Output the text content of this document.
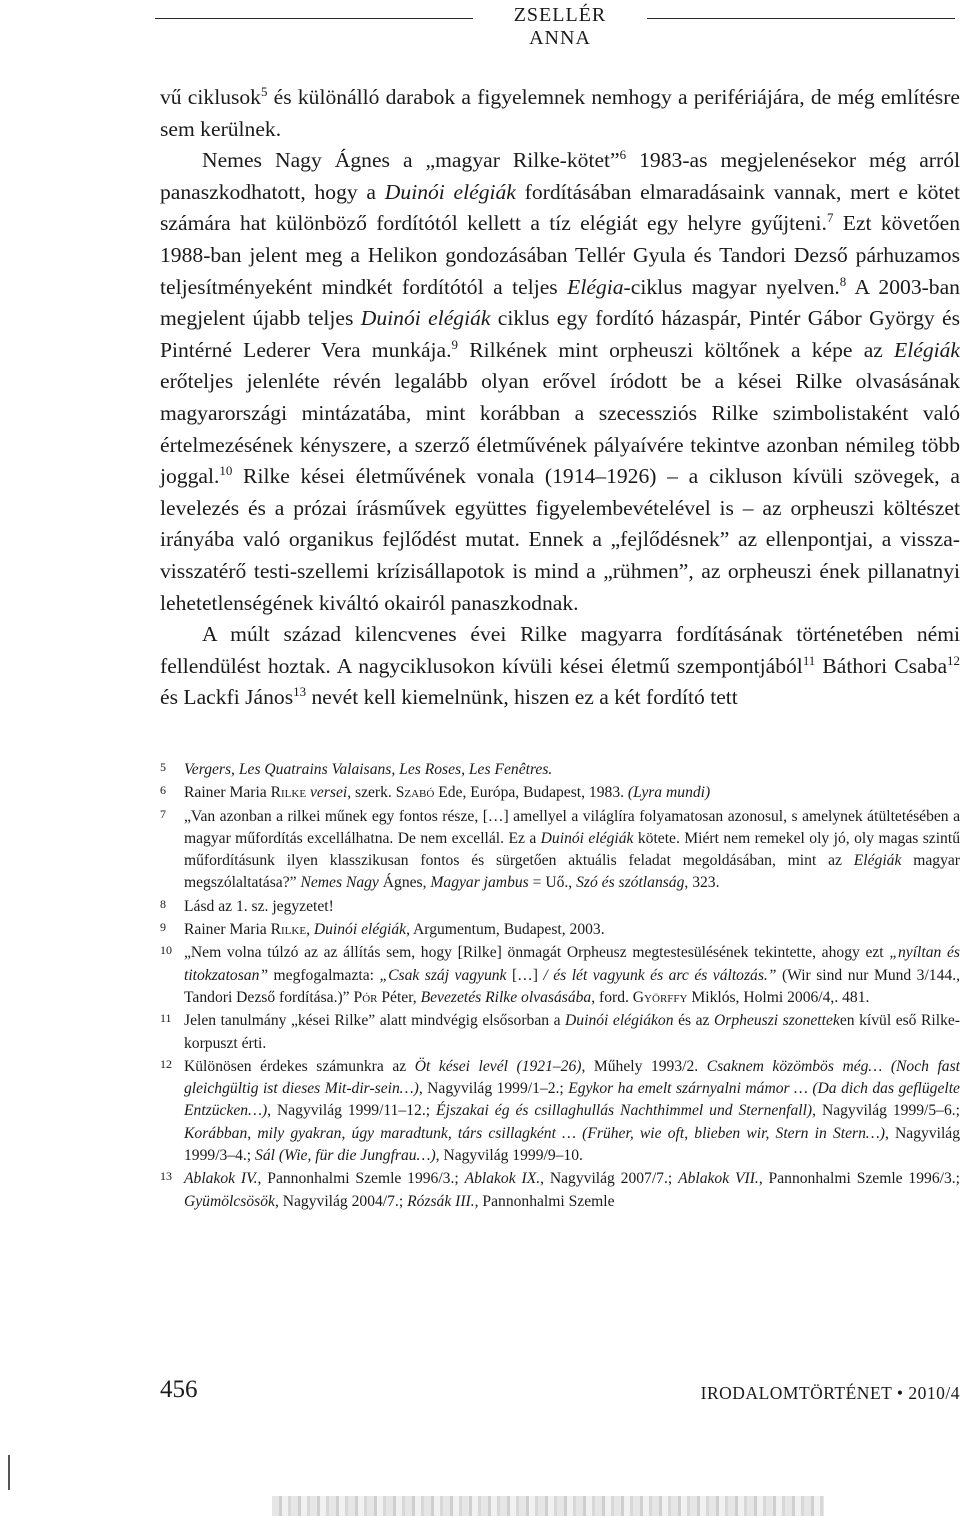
ZSELLÉR ANNA

vű ciklusok$^5$ és különálló darabok a figyelemnek nemhogy a perifériájára, de még említésre sem kerülnek.

Nemes Nagy Ágnes a „magyar Rilke-kötet”$^6$ 1983-as megjelenésekor még arról panaszkodhatott, hogy a Duinói elégiák fordításában elmaradásaink vannak, mert e kötet számára hat különböző fordítótól kellett a tíz elégiát egy helyre gyűjteni.$^7$ Ezt követően 1988-ban jelent meg a Helikon gondozásában Tellér Gyula és Tandori Dezső párhuzamos teljesítményeként mindkét fordítótól a teljes Elégia-ciklus magyar nyelven.$^8$ A 2003-ban megjelent újabb teljes Duinói elégiák ciklus egy fordító házaspár, Pintér Gábor György és Pintérné Lederer Vera munkája.$^9$ Rilkének mint orpheuszi költőnek a képe az Elégiák erőteljes jelenléte révén legalább olyan erővel íródott be a kései Rilke olvasásának magyarországi mintázatába, mint korábban a szecessziós Rilke szimbolistaként való értelmezésének kényszere, a szerző életművének pályaívére tekintve azonban némileg több joggal.$^{10}$ Rilke kései életművének vonala (1914–1926) – a cikluson kívüli szövegek, a levelezés és a prózai írásművek együttes figyelembevételével is – az orpheuszi költészet irányába való organikus fejlődést mutat. Ennek a „fejlődésnek” az ellenpontjai, a vissza-visszatérő testi-szellemi krízisállapotok is mind a „rühmen”, az orpheuszi ének pillanatnyi lehetetlenségének kiváltó okairól panaszkodnak.

A múlt század kilencvenes évei Rilke magyarra fordításának történetében némi fellendülést hoztak. A nagyciklusokon kívüli kései életmű szempontjából$^{11}$ Báthori Csaba$^{12}$ és Lackfi János$^{13}$ nevét kell kiemelnünk, hiszen ez a két fordító tett

5	Vergers, Les Quatrains Valaisans, Les Roses, Les Fenêtres.
6	Rainer Maria Rilke versei, szerk. Szabó Ede, Európa, Budapest, 1983. (Lyra mundi)
7	„Van azonban a rilkei műnek egy fontos része, […] amellyel a világlíra folyamatosan azonosul, s amelynek átültetésében a magyar műfordítás excellálhatna. De nem excellál. Ez a Duinói elégiák kötete. Miért nem remekel oly jó, oly magas szintű műfordításunk ilyen klasszikusan fontos és sürgetően aktuális feladat megoldásában, mint az Elégiák magyar megszólaltatása?” Nemes Nagy Ágnes, Magyar jambus = Uő., Szó és szótlanság, 323.
8	Lásd az 1. sz. jegyzetet!
9	Rainer Maria Rilke, Duinói elégiák, Argumentum, Budapest, 2003.
10 „Nem volna túlzó az az állítás sem, hogy [Rilke] önmagát Orpheusz megtestesülésének tekintette, ahogy ezt „nyíltan és titokzatosan” megfogalmazta: „Csak száj vagyunk […] / és lét vagyunk és arc és változás.” (Wir sind nur Mund 3/144., Tandori Dezső fordítása.)” Pór Péter, Bevezetés Rilke olvasásába, ford. Györffy Miklós, Holmi 2006/4,. 481.
11 Jelen tanulmány „kései Rilke” alatt mindvégig elsősorban a Duinói elégiákon és az Orpheuszi szonetteken kívül eső Rilke-korpuszt érti.
12 Különösen érdekes számunkra az Öt kései levél (1921–26), Műhely 1993/2. Csaknem közömbös még… (Noch fast gleichgültig ist dieses Mit-dir-sein…), Nagyvilág 1999/1–2.; Egykor ha emelt szárnyalni mámor … (Da dich das geflügelte Entzücken…), Nagyvilág 1999/11–12.; Éjszakai ég és csillaghullás Nachthimmel und Sternenfall), Nagyvilág 1999/5–6.; Korábban, mily gyakran, úgy maradtunk, társ csillagként … (Früher, wie oft, blieben wir, Stern in Stern…), Nagyvilág 1999/3–4.; Sál (Wie, für die Jungfrau…), Nagyvilág 1999/9–10.
13 Ablakok IV., Pannonhalmi Szemle 1996/3.; Ablakok IX., Nagyvilág 2007/7.; Ablakok VII., Pannonhalmi Szemle 1996/3.; Gyümölcsösök, Nagyvilág 2004/7.; Rózsák III., Pannonhalmi Szemle
456	IRODALOMTÖRTÉNET • 2010/4
